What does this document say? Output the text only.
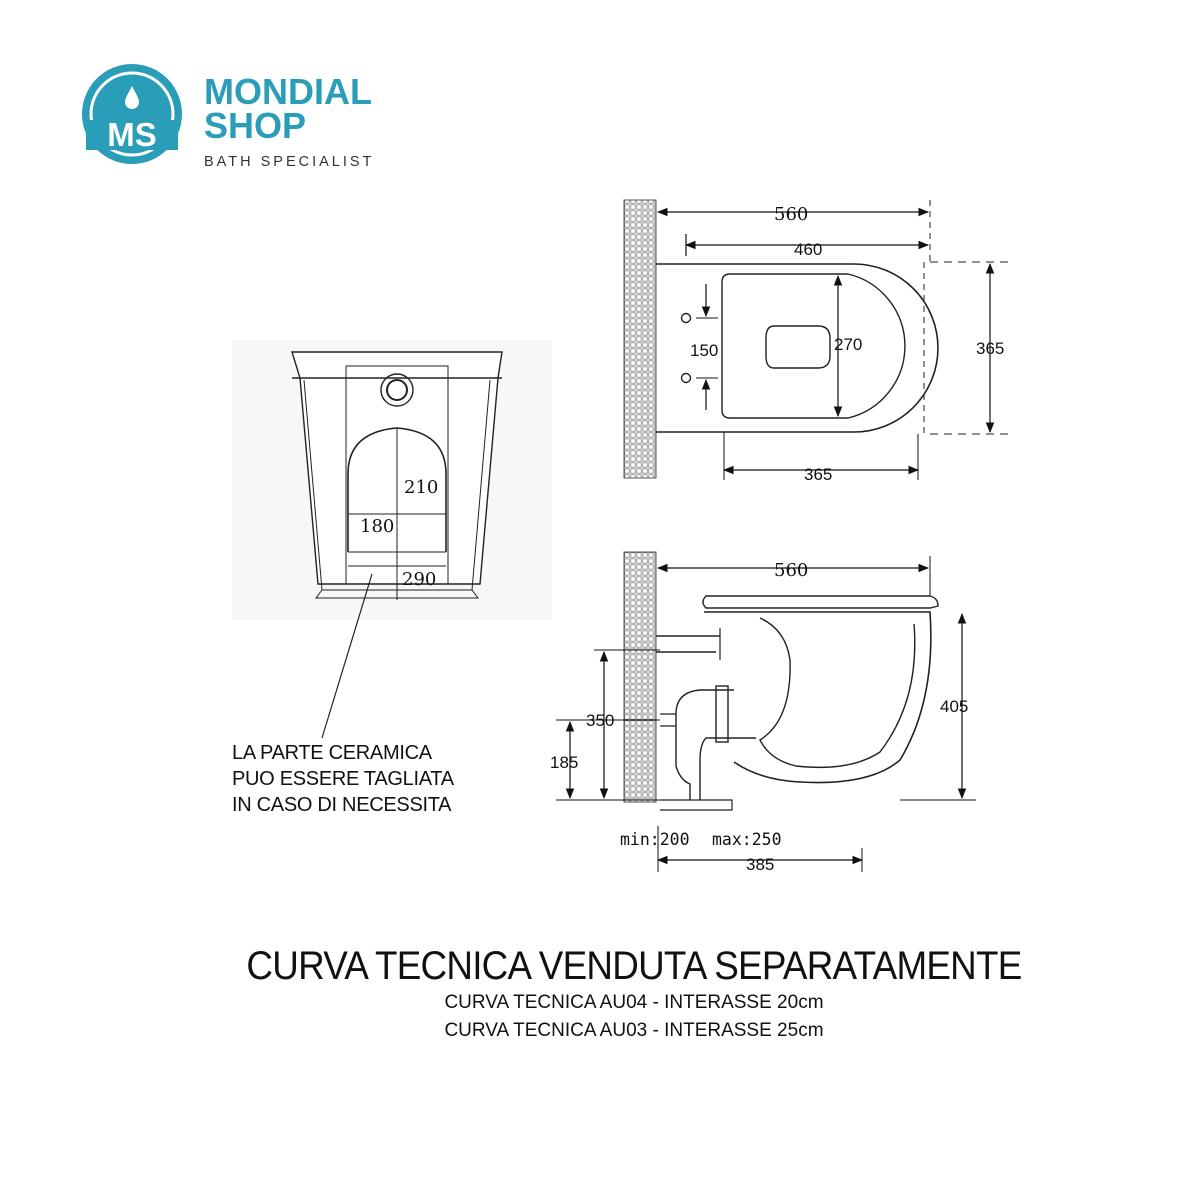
MS
MONDIAL
SHOP
BATH SPECIALIST
210
180
290
560
460
150	270	365
365
560
405
350
185
min:200 max:250
385
LA PARTE CERAMICA
PUO ESSERE TAGLIATA
IN CASO DI NECESSITA
CURVA TECNICA VENDUTA SEPARATAMENTE
CURVA TECNICA AU04 - INTERASSE 20cm
CURVA TECNICA AU03 - INTERASSE 25cm
